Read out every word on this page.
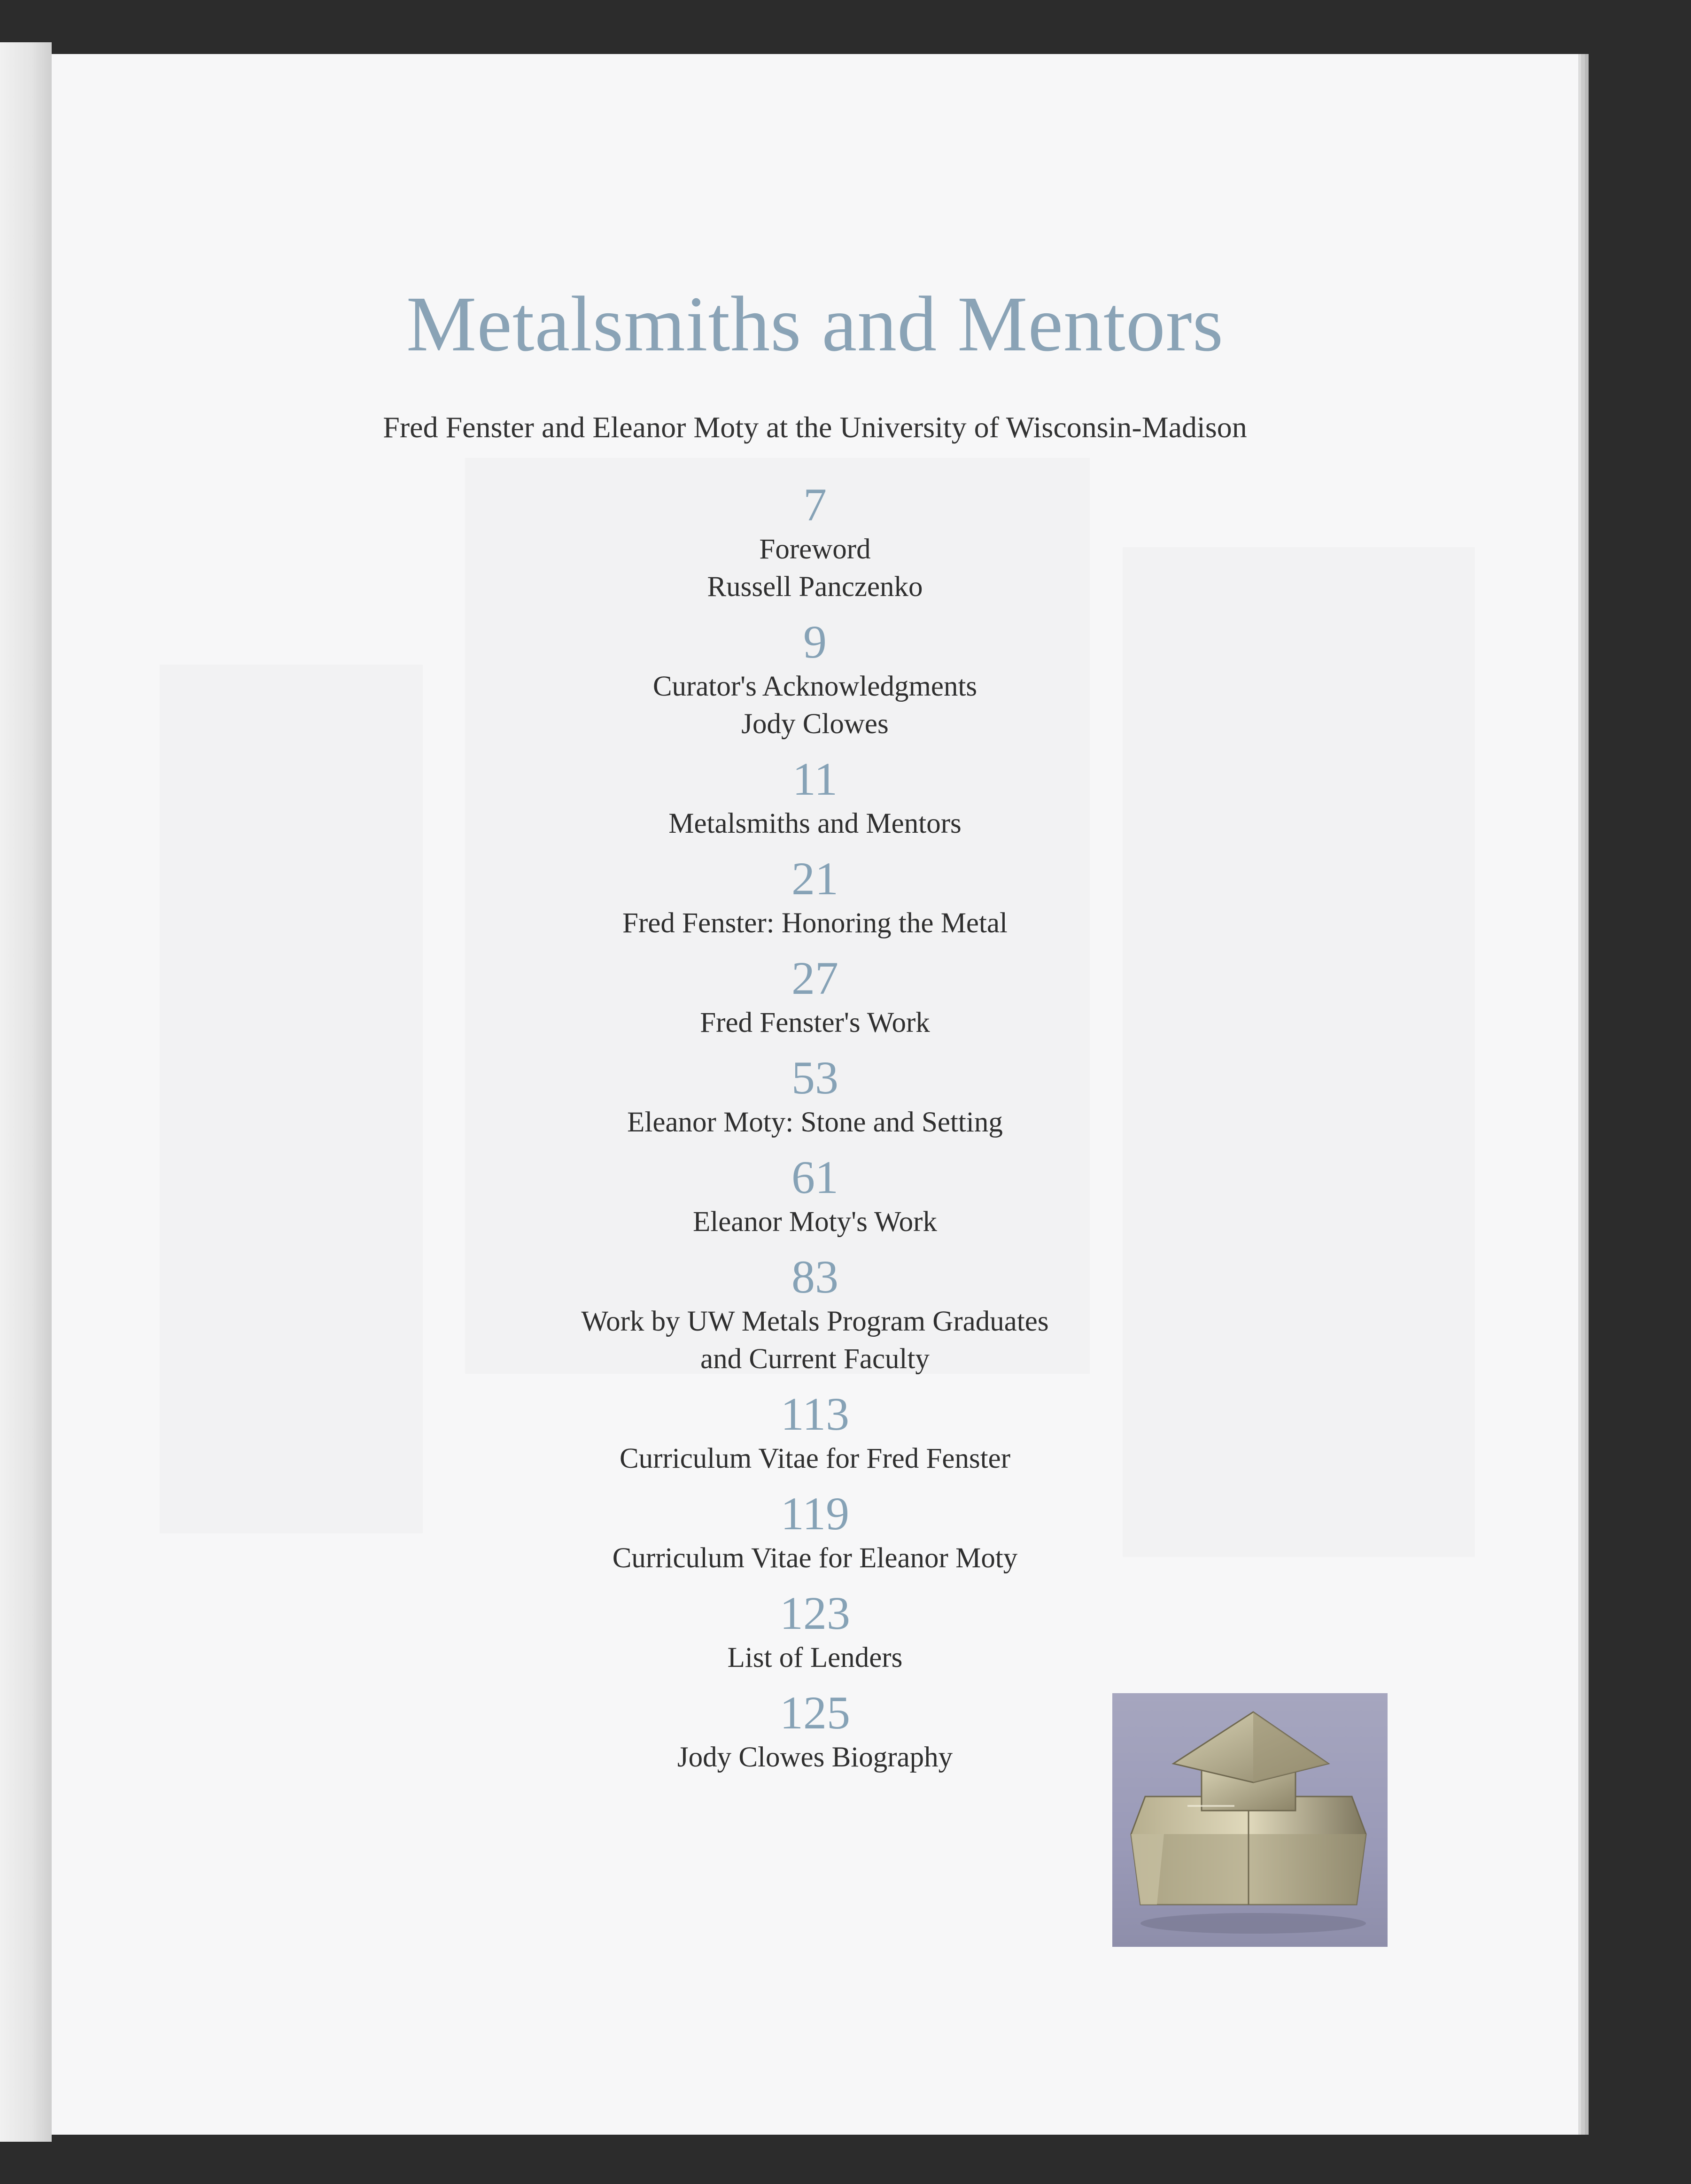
Metalsmiths and Mentors
Fred Fenster and Eleanor Moty at the University of Wisconsin-Madison
7
Foreword
Russell Panczenko
9
Curator's Acknowledgments
Jody Clowes
11
Metalsmiths and Mentors
21
Fred Fenster: Honoring the Metal
27
Fred Fenster's Work
53
Eleanor Moty: Stone and Setting
61
Eleanor Moty's Work
83
Work by UW Metals Program Graduates
and Current Faculty
113
Curriculum Vitae for Fred Fenster
119
Curriculum Vitae for Eleanor Moty
123
List of Lenders
125
Jody Clowes Biography
